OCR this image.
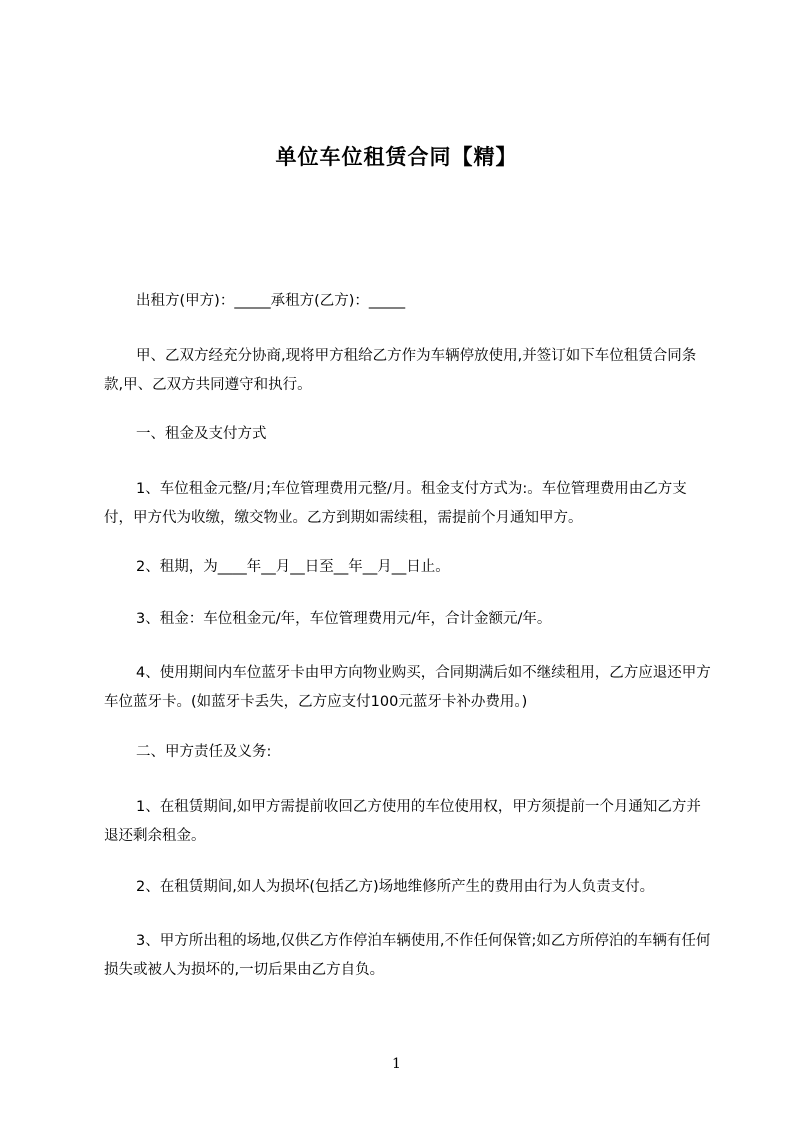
单位车位租赁合同【精】
出租方(甲方)：_____承租方(乙方)：_____
甲、乙双方经充分协商,现将甲方租给乙方作为车辆停放使用,并签订如下车位租赁合同条款,甲、乙双方共同遵守和执行。
一、租金及支付方式
1、车位租金元整/月;车位管理费用元整/月。租金支付方式为:。车位管理费用由乙方支付，甲方代为收缴，缴交物业。乙方到期如需续租，需提前个月通知甲方。
2、租期，为____年__月__日至__年__月__日止。
3、租金：车位租金元/年，车位管理费用元/年，合计金额元/年。
4、使用期间内车位蓝牙卡由甲方向物业购买，合同期满后如不继续租用，乙方应退还甲方车位蓝牙卡。(如蓝牙卡丢失，乙方应支付100元蓝牙卡补办费用。)
二、甲方责任及义务:
1、在租赁期间,如甲方需提前收回乙方使用的车位使用权，甲方须提前一个月通知乙方并退还剩余租金。
2、在租赁期间,如人为损坏(包括乙方)场地维修所产生的费用由行为人负责支付。
3、甲方所出租的场地,仅供乙方作停泊车辆使用,不作任何保管;如乙方所停泊的车辆有任何损失或被人为损坏的,一切后果由乙方自负。
1
